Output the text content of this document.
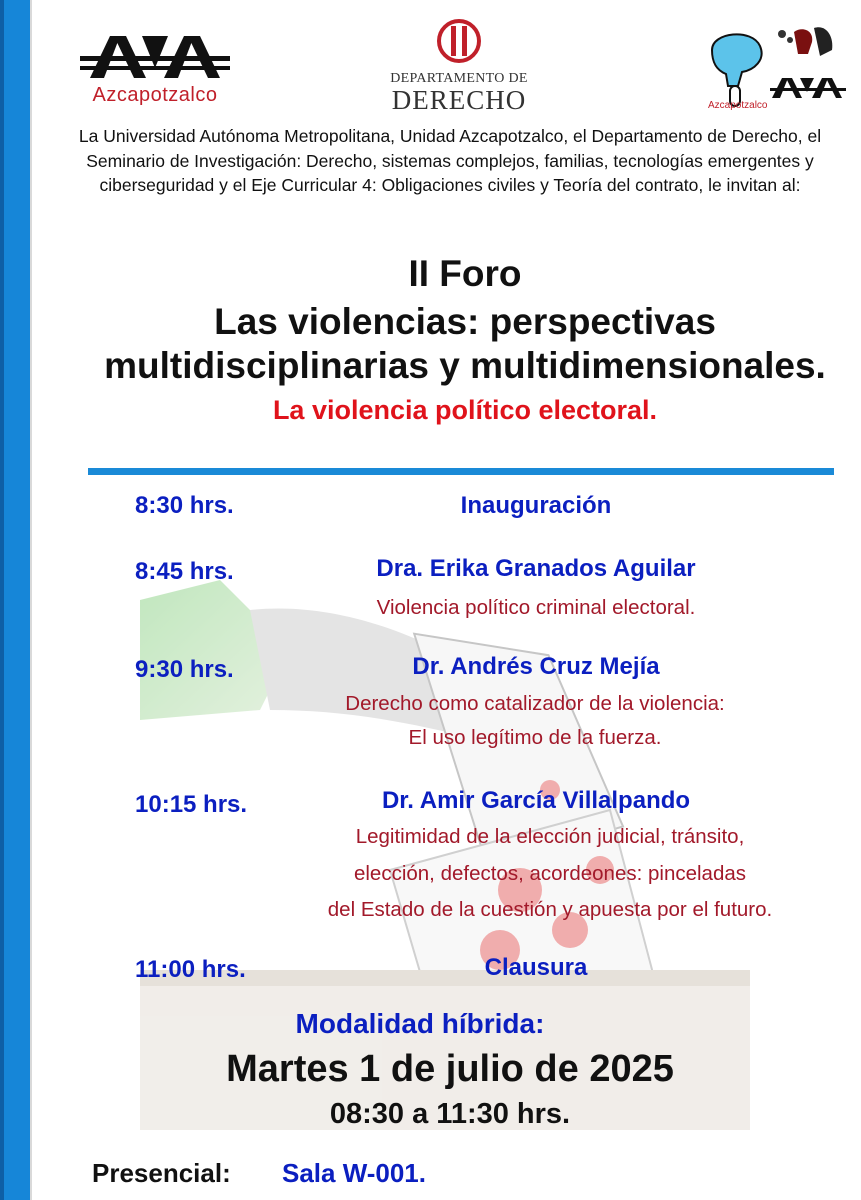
Azcapotzalco
DEPARTAMENTO DE
DERECHO	Azcapotzalco
La Universidad Autónoma Metropolitana, Unidad Azcapotzalco, el Departamento de Derecho, el Seminario de Investigación: Derecho, sistemas complejos, familias, tecnologías emergentes y ciberseguridad y el Eje Curricular 4: Obligaciones civiles y Teoría del contrato, le invitan al:
II Foro
Las violencias: perspectivas
multidisciplinarias y multidimensionales.
La violencia político electoral.
8:30 hrs.	Inauguración
8:45 hrs.	Dra. Erika Granados Aguilar
Violencia político criminal electoral.
9:30 hrs.	Dr. Andrés Cruz Mejía
Derecho como catalizador de la violencia:
El uso legítimo de la fuerza.
10:15 hrs.	Dr. Amir García Villalpando
Legitimidad de la elección judicial, tránsito,
elección, defectos, acordeones: pinceladas
del Estado de la cuestión y apuesta por el futuro.
11:00 hrs.	Clausura
Modalidad híbrida:
Martes 1 de julio de 2025
08:30 a 11:30 hrs.
Presencial: Sala W-001.
